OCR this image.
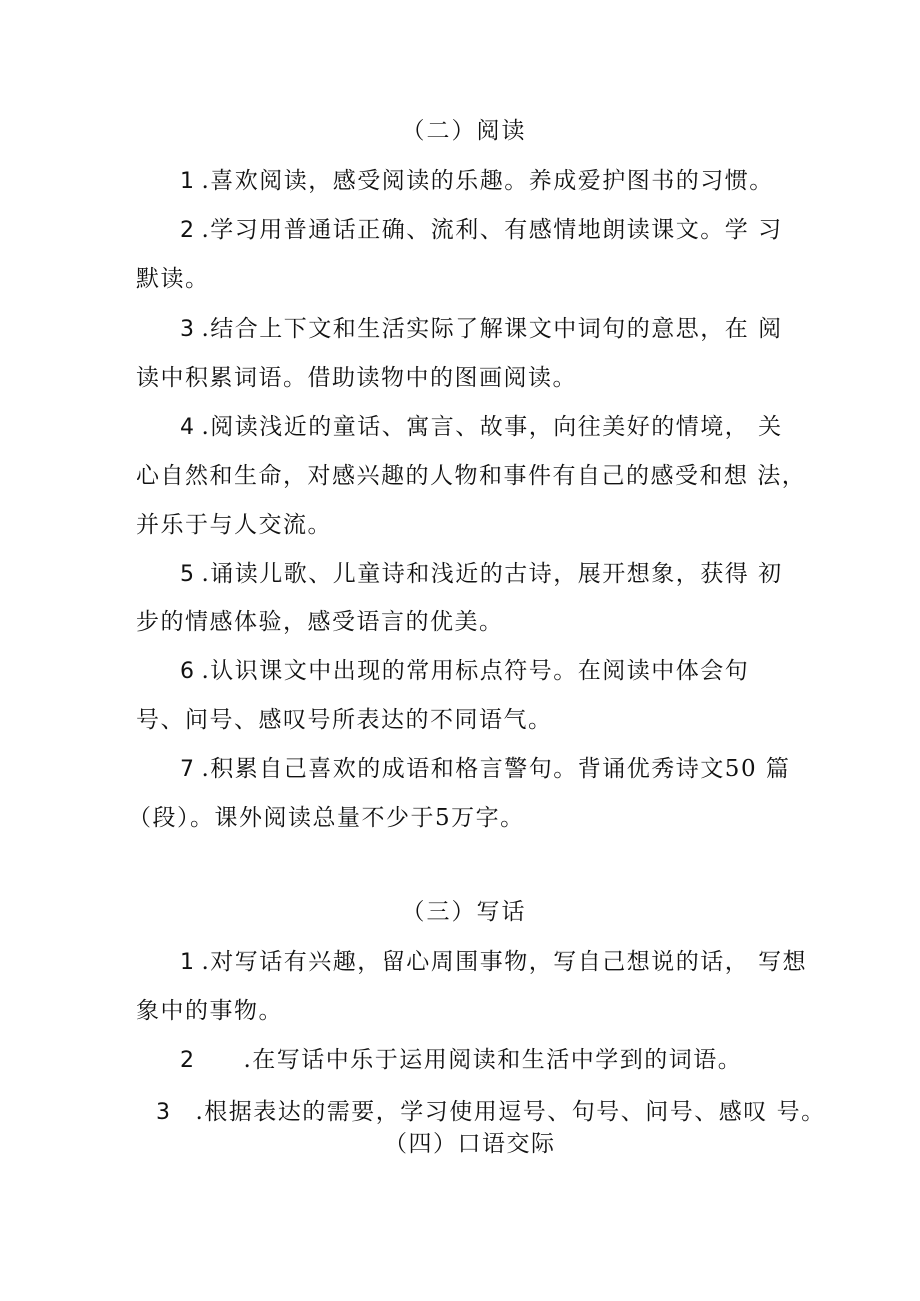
（二）阅读
1 .喜欢阅读，感受阅读的乐趣。养成爱护图书的习惯。
2 .学习用普通话正确、流利、有感情地朗读课文。学 习
默读。
3 .结合上下文和生活实际了解课文中词句的意思，在 阅
读中积累词语。借助读物中的图画阅读。
4 .阅读浅近的童话、寓言、故事，向往美好的情境， 关
心自然和生命，对感兴趣的人物和事件有自己的感受和想 法，
并乐于与人交流。
5 .诵读儿歌、儿童诗和浅近的古诗，展开想象，获得 初
步的情感体验，感受语言的优美。
6 .认识课文中出现的常用标点符号。在阅读中体会句
号、问号、感叹号所表达的不同语气。
7 .积累自己喜欢的成语和格言警句。背诵优秀诗文50 篇
（段）。课外阅读总量不少于5万字。
（三）写话
1 .对写话有兴趣，留心周围事物，写自己想说的话， 写想
象中的事物。
2 .在写话中乐于运用阅读和生活中学到的词语。
3 .根据表达的需要，学习使用逗号、句号、问号、感叹 号。
（四）口语交际
